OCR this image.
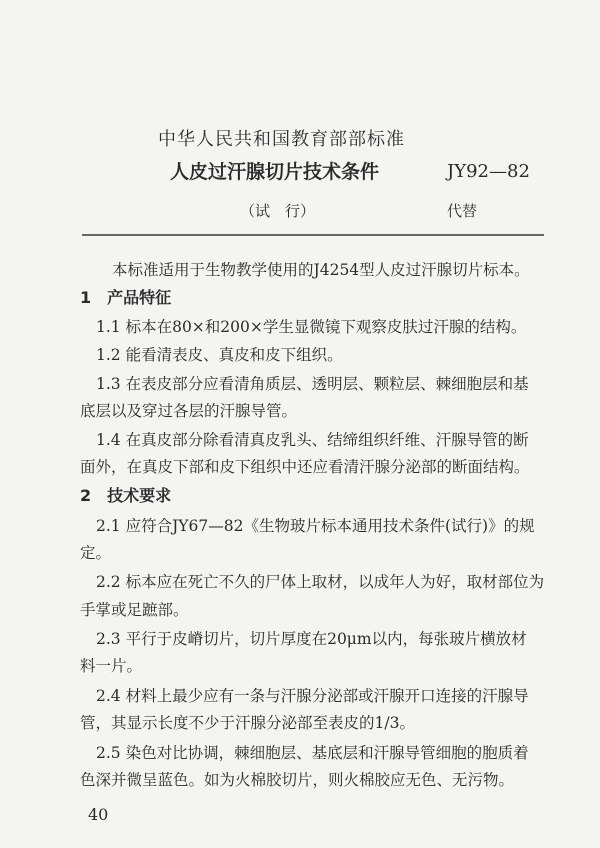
中华人民共和国教育部部标准
人皮过汗腺切片技术条件	JY92—82
（试　行）	代替
本标准适用于生物教学使用的J4254型人皮过汗腺切片标本。
1　产品特征
1.1 标本在80×和200×学生显微镜下观察皮肤过汗腺的结构。
1.2 能看清表皮、真皮和皮下组织。
1.3 在表皮部分应看清角质层、透明层、颗粒层、棘细胞层和基
底层以及穿过各层的汗腺导管。
1.4 在真皮部分除看清真皮乳头、结缔组织纤维、汗腺导管的断
面外，在真皮下部和皮下组织中还应看清汗腺分泌部的断面结构。
2　技术要求
2.1 应符合JY67—82《生物玻片标本通用技术条件(试行)》的规
定。
2.2 标本应在死亡不久的尸体上取材，以成年人为好，取材部位为
手掌或足蹠部。
2.3 平行于皮嵴切片，切片厚度在20μm以内，每张玻片横放材
料一片。
2.4 材料上最少应有一条与汗腺分泌部或汗腺开口连接的汗腺导
管，其显示长度不少于汗腺分泌部至表皮的1/3。
2.5 染色对比协调，棘细胞层、基底层和汗腺导管细胞的胞质着
色深并微呈蓝色。如为火棉胶切片，则火棉胶应无色、无污物。
40
